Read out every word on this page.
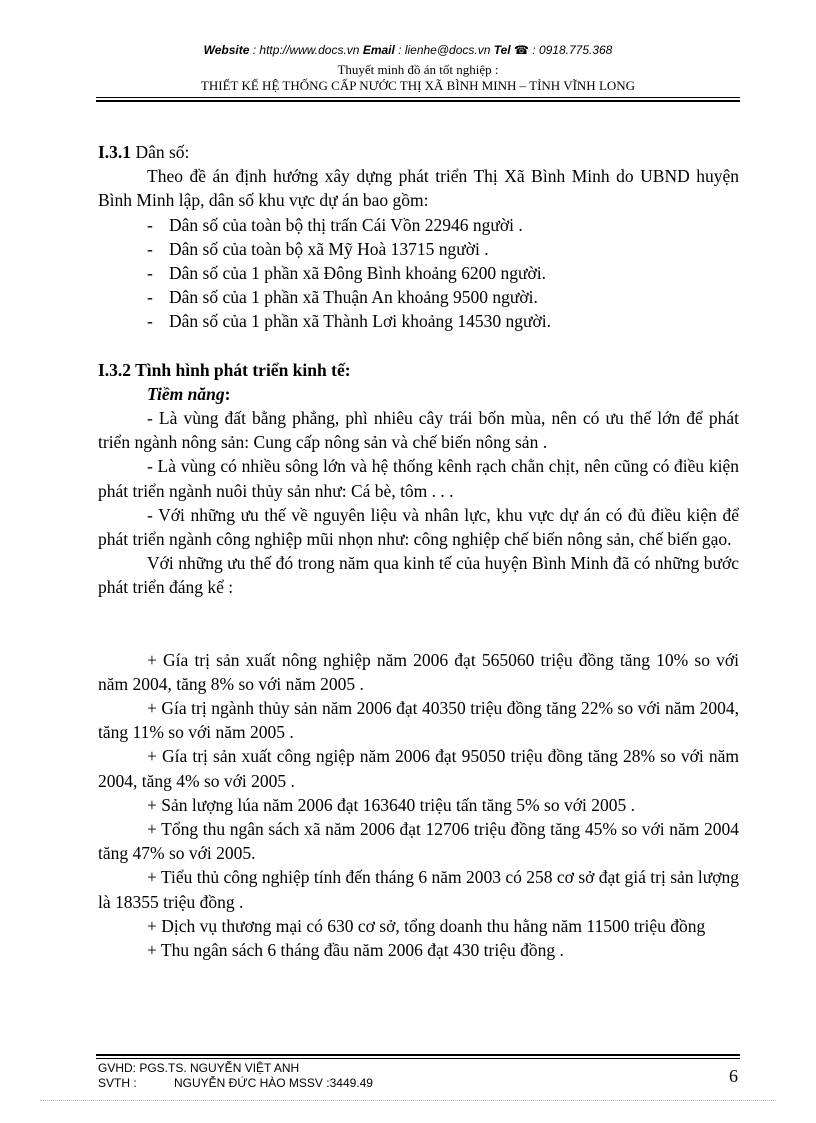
Website : http://www.docs.vn Email : lienhe@docs.vn Tel ☎ : 0918.775.368
Thuyết minh đồ án tốt nghiệp :
THIẾT KẾ HỆ THỐNG CẤP NƯỚC THỊ XÃ BÌNH MINH – TỈNH VĨNH LONG

I.3.1 Dân số:

Theo đề án định hướng xây dựng phát triển Thị Xã Bình Minh do UBND huyện Bình Minh lập, dân số khu vực dự án bao gồm:

- Dân số của toàn bộ thị trấn Cái Vồn 22946 người .

- Dân số của toàn bộ xã Mỹ Hoà 13715 người .

- Dân số của 1 phần xã Đông Bình khoảng 6200 người.

- Dân số của 1 phần xã Thuận An khoảng 9500 người.

- Dân số của 1 phần xã Thành Lơi khoảng 14530 người.

I.3.2 Tình hình phát triển kinh tế:

Tiềm năng:

- Là vùng đất bằng phẳng, phì nhiêu cây trái bốn mùa, nên có ưu thế lớn để phát triển ngành nông sản: Cung cấp nông sản và chế biến nông sản .

- Là vùng có nhiều sông lớn và hệ thống kênh rạch chằn chịt, nên cũng có điều kiện phát triển ngành nuôi thủy sản như: Cá bè, tôm . . .

- Với những ưu thế về nguyên liệu và nhân lực, khu vực dự án có đủ điều kiện để phát triển ngành công nghiệp mũi nhọn như: công nghiệp chế biến nông sản, chế biến gạo.

Với những ưu thế đó trong năm qua kinh tế của huyện Bình Minh đã có những bước phát triển đáng kể :

+ Gía trị sản xuất nông nghiệp năm 2006 đạt 565060 triệu đồng tăng 10% so với năm 2004, tăng 8% so với năm 2005 .

+ Gía trị ngành thủy sản năm 2006 đạt 40350 triệu đồng tăng 22% so với năm 2004, tăng 11% so với năm 2005 .

+ Gía trị sản xuất công ngiệp năm 2006 đạt 95050 triệu đồng tăng 28% so với năm 2004, tăng 4% so với 2005 .

+ Sản lượng lúa năm 2006 đạt 163640 triệu tấn tăng 5% so với 2005 .

+ Tổng thu ngân sách xã năm 2006 đạt 12706 triệu đồng tăng 45% so với năm 2004 tăng 47% so với 2005.

+ Tiểu thủ công nghiệp tính đến tháng 6 năm 2003 có 258 cơ sở đạt giá trị sản lượng là 18355 triệu đồng .

+ Dịch vụ thương mại có 630 cơ sở, tổng doanh thu hằng năm 11500 triệu đồng

+ Thu ngân sách 6 tháng đầu năm 2006 đạt 430 triệu đồng .

GVHD: PGS.TS. NGUYỄN VIỆT ANH
SVTH :	NGUYỄN ĐỨC HÀO MSSV :3449.49	6
